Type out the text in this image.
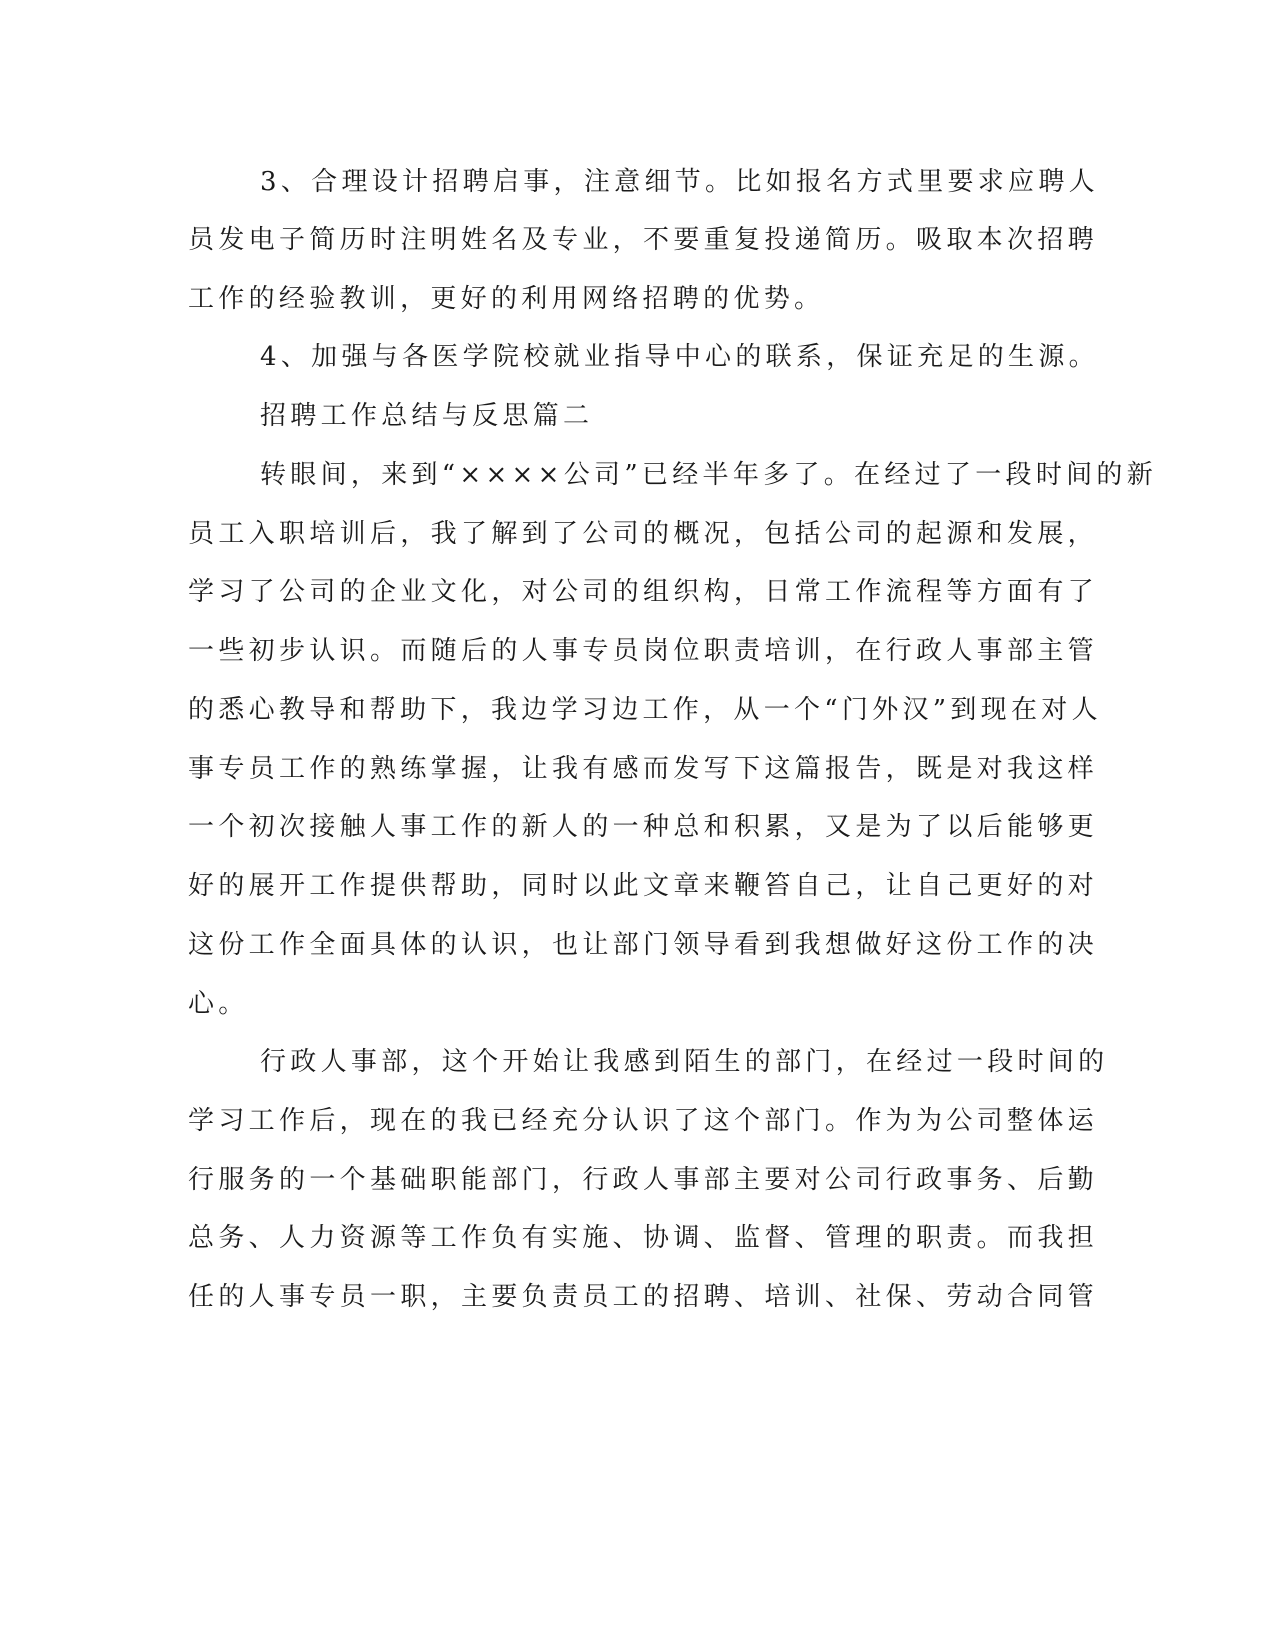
3、合理设计招聘启事，注意细节。比如报名方式里要求应聘人
员发电子简历时注明姓名及专业，不要重复投递简历。吸取本次招聘
工作的经验教训，更好的利用网络招聘的优势。
4、加强与各医学院校就业指导中心的联系，保证充足的生源。
招聘工作总结与反思篇二
转眼间，来到“××××公司”已经半年多了。在经过了一段时间的新
员工入职培训后，我了解到了公司的概况，包括公司的起源和发展，
学习了公司的企业文化，对公司的组织构，日常工作流程等方面有了
一些初步认识。而随后的人事专员岗位职责培训，在行政人事部主管
的悉心教导和帮助下，我边学习边工作，从一个“门外汉”到现在对人
事专员工作的熟练掌握，让我有感而发写下这篇报告，既是对我这样
一个初次接触人事工作的新人的一种总和积累，又是为了以后能够更
好的展开工作提供帮助，同时以此文章来鞭笞自己，让自己更好的对
这份工作全面具体的认识，也让部门领导看到我想做好这份工作的决
心。
行政人事部，这个开始让我感到陌生的部门，在经过一段时间的
学习工作后，现在的我已经充分认识了这个部门。作为为公司整体运
行服务的一个基础职能部门，行政人事部主要对公司行政事务、后勤
总务、人力资源等工作负有实施、协调、监督、管理的职责。而我担
任的人事专员一职，主要负责员工的招聘、培训、社保、劳动合同管
